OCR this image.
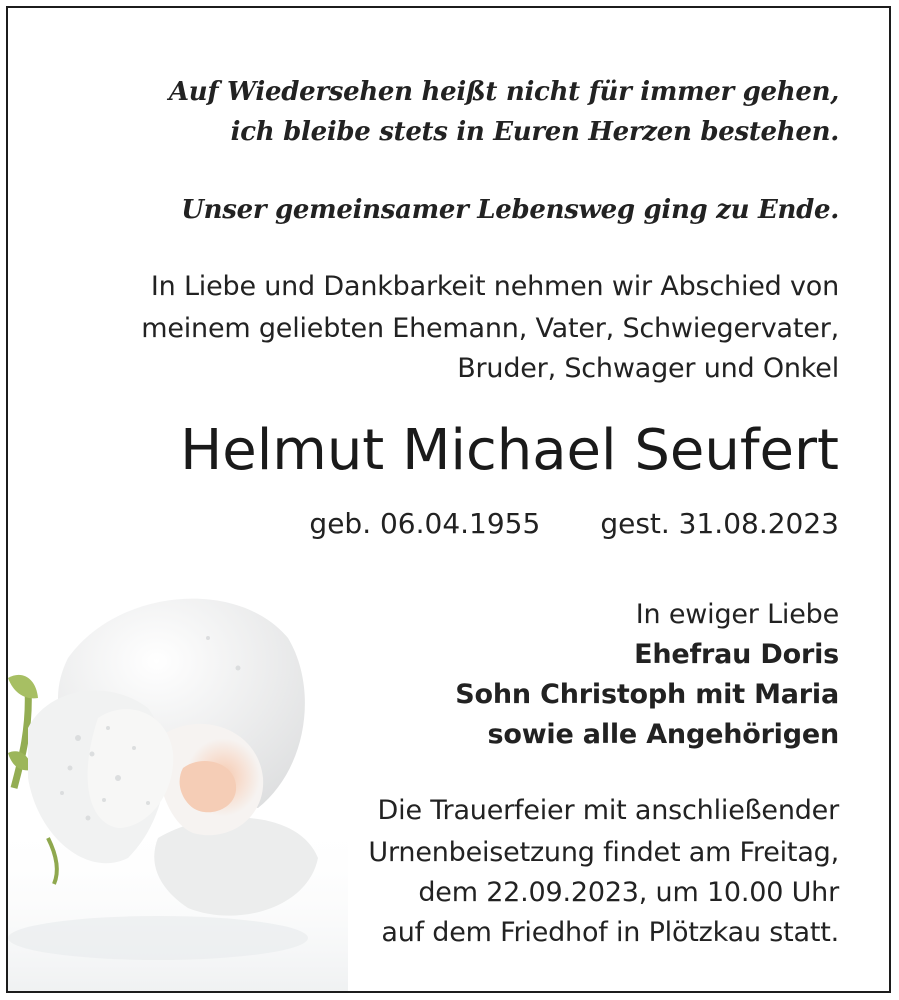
Auf Wiedersehen heißt nicht für immer gehen,
ich bleibe stets in Euren Herzen bestehen.
Unser gemeinsamer Lebensweg ging zu Ende.
In Liebe und Dankbarkeit nehmen wir Abschied von
meinem geliebten Ehemann, Vater, Schwiegervater,
Bruder, Schwager und Onkel
Helmut Michael Seufert
geb. 06.04.1955 gest. 31.08.2023
In ewiger Liebe
Ehefrau Doris
Sohn Christoph mit Maria
sowie alle Angehörigen
Die Trauerfeier mit anschließender
Urnenbeisetzung findet am Freitag,
dem 22.09.2023, um 10.00 Uhr
auf dem Friedhof in Plötzkau statt.
